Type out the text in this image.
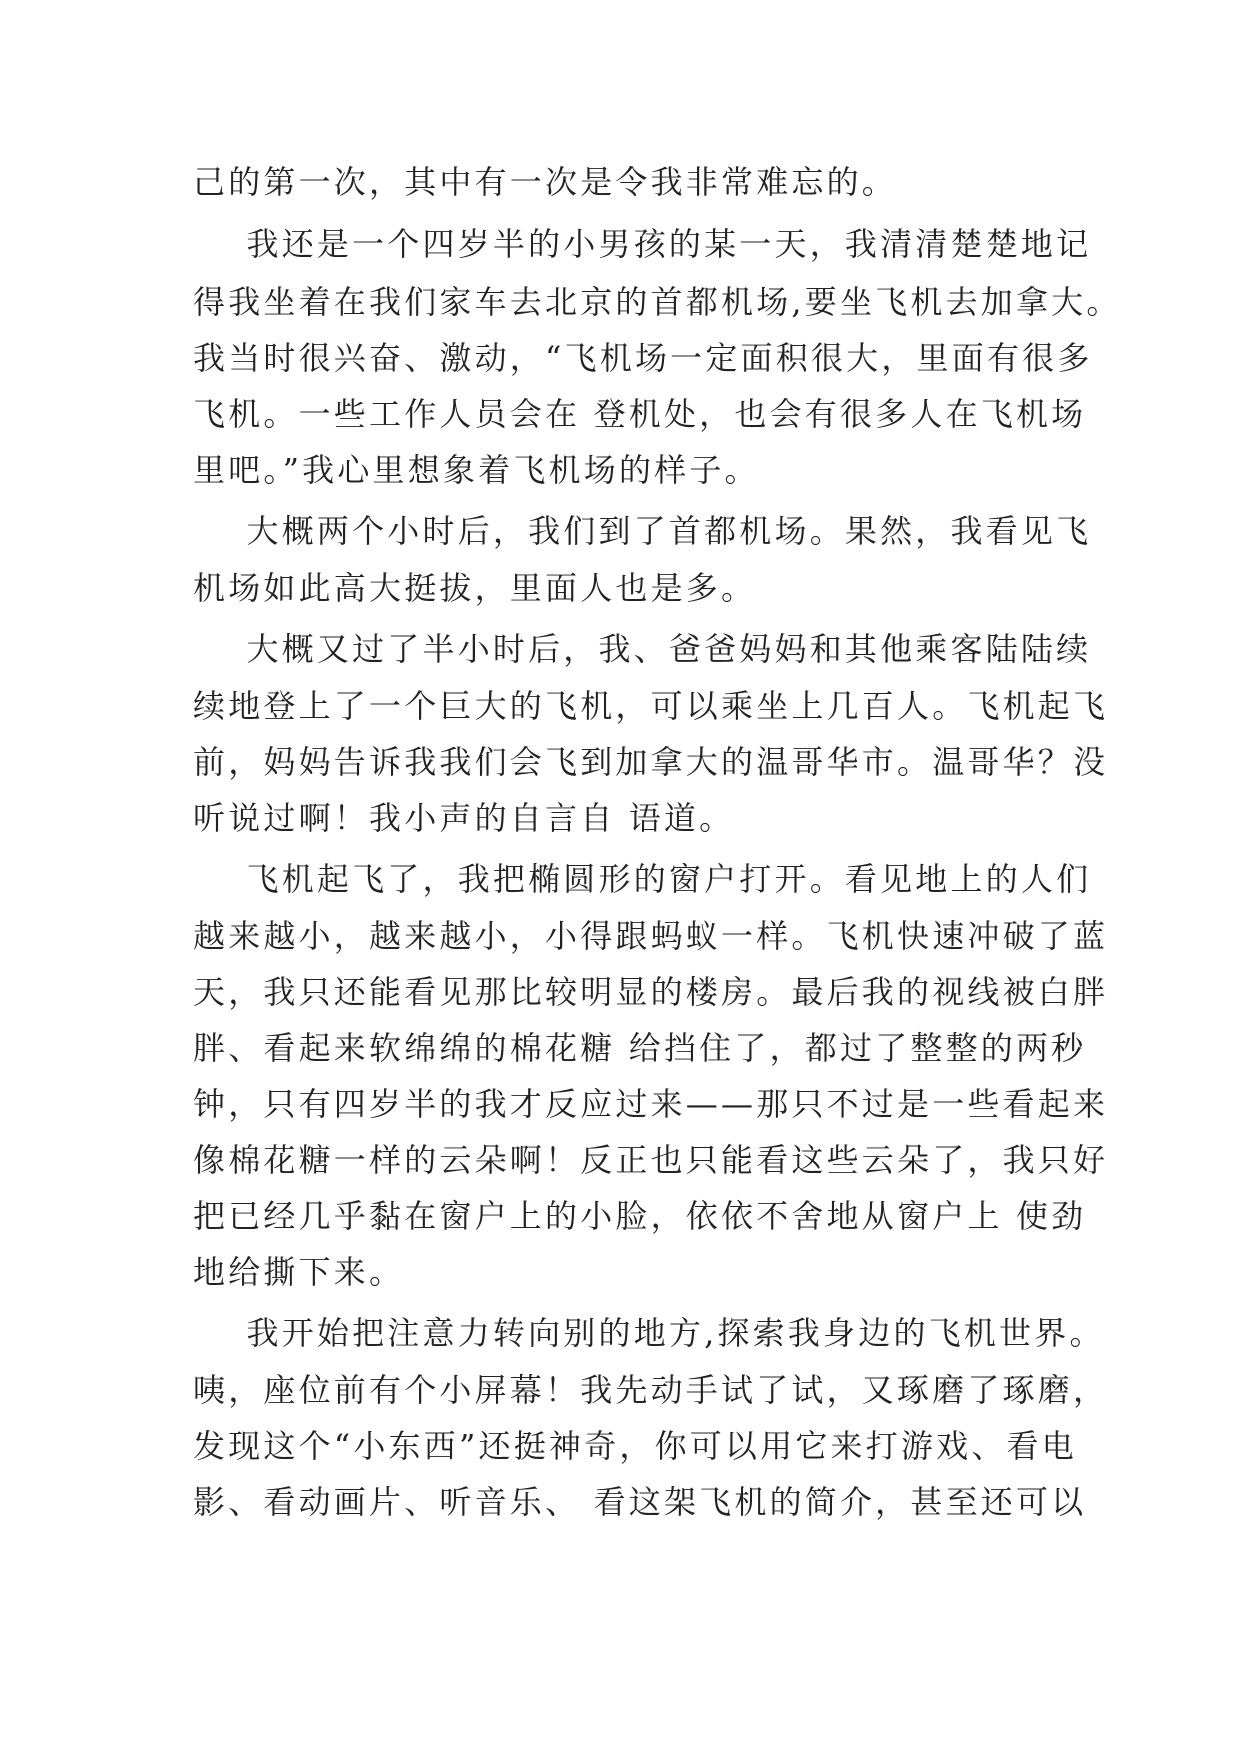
己的第一次，其中有一次是令我非常难忘的。
我还是一个四岁半的小男孩的某一天，我清清楚楚地记
得我坐着在我们家车去北京的首都机场,要坐飞机去加拿大。
我当时很兴奋、激动，“飞机场一定面积很大，里面有很多
飞机。一些工作人员会在 登机处，也会有很多人在飞机场
里吧。”我心里想象着飞机场的样子。
大概两个小时后，我们到了首都机场。果然，我看见飞
机场如此高大挺拔，里面人也是多。
大概又过了半小时后，我、爸爸妈妈和其他乘客陆陆续
续地登上了一个巨大的飞机，可以乘坐上几百人。飞机起飞
前，妈妈告诉我我们会飞到加拿大的温哥华市。温哥华？没
听说过啊！我小声的自言自 语道。
飞机起飞了，我把椭圆形的窗户打开。看见地上的人们
越来越小，越来越小，小得跟蚂蚁一样。飞机快速冲破了蓝
天，我只还能看见那比较明显的楼房。最后我的视线被白胖
胖、看起来软绵绵的棉花糖 给挡住了，都过了整整的两秒
钟，只有四岁半的我才反应过来——那只不过是一些看起来
像棉花糖一样的云朵啊！反正也只能看这些云朵了，我只好
把已经几乎黏在窗户上的小脸，依依不舍地从窗户上 使劲
地给撕下来。
我开始把注意力转向别的地方,探索我身边的飞机世界。
咦，座位前有个小屏幕！我先动手试了试，又琢磨了琢磨，
发现这个“小东西”还挺神奇，你可以用它来打游戏、看电
影、看动画片、听音乐、 看这架飞机的简介，甚至还可以
